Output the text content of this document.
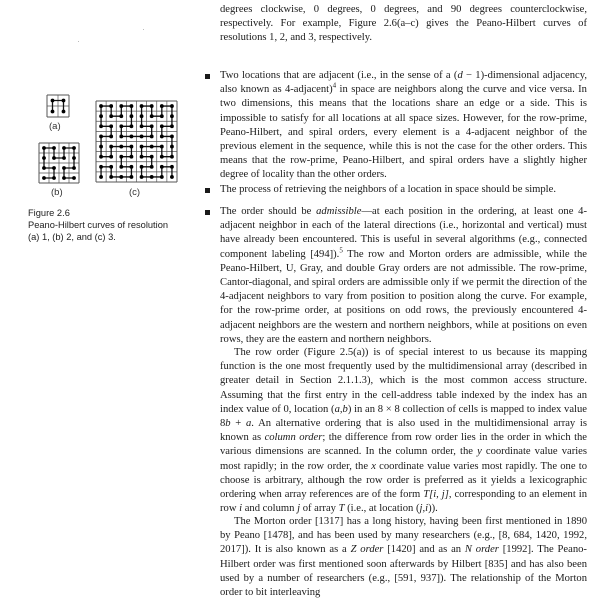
degrees clockwise, 0 degrees, 0 degrees, and 90 degrees counterclockwise, respectively. For example, Figure 2.6(a–c) gives the Peano-Hilbert curves of resolutions 1, 2, and 3, respectively.

Two locations that are adjacent (i.e., in the sense of a (d − 1)-dimensional adjacency, also known as 4-adjacent)$^4$ in space are neighbors along the curve and vice versa. In two dimensions, this means that the locations share an edge or a side. This is impossible to satisfy for all locations at all space sizes. However, for the row-prime, Peano-Hilbert, and spiral orders, every element is a 4-adjacent neighbor of the previous element in the sequence, while this is not the case for the other orders. This means that the row-prime, Peano-Hilbert, and spiral orders have a slightly higher degree of locality than the other orders.
The process of retrieving the neighbors of a location in space should be simple.
The order should be admissible—at each position in the ordering, at least one 4-adjacent neighbor in each of the lateral directions (i.e., horizontal and vertical) must have already been encountered. This is useful in several algorithms (e.g., connected component labeling [494]).$^5$ The row and Morton orders are admissible, while the Peano-Hilbert, U, Gray, and double Gray orders are not admissible. The row-prime, Cantor-diagonal, and spiral orders are admissible only if we permit the direction of the 4-adjacent neighbors to vary from position to position along the curve. For example, for the row-prime order, at positions on odd rows, the previously encountered 4-adjacent neighbors are the western and northern neighbors, while at positions on even rows, they are the eastern and northern neighbors.
The row order (Figure 2.5(a)) is of special interest to us because its mapping function is the one most frequently used by the multidimensional array (described in greater detail in Section 2.1.1.3), which is the most common access structure. Assuming that the first entry in the cell-address table indexed by the index has an index value of 0, location (a,b) in an 8 × 8 collection of cells is mapped to index value 8b + a. An alternative ordering that is also used in the multidimensional array is known as column order; the difference from row order lies in the order in which the various dimensions are scanned. In the column order, the y coordinate value varies most rapidly; in the row order, the x coordinate value varies most rapidly. The one to choose is arbitrary, although the row order is preferred as it yields a lexicographic ordering when array references are of the form T[i, j], corresponding to an element in row i and column j of array T (i.e., at location (j,i)).
The Morton order [1317] has a long history, having been first mentioned in 1890 by Peano [1478], and has been used by many researchers (e.g., [8, 684, 1420, 1992, 2017]). It is also known as a Z order [1420] and as an N order [1992]. The Peano-Hilbert order was first mentioned soon afterwards by Hilbert [835] and has also been used by a number of researchers (e.g., [591, 937]). The relationship of the Morton order to bit interleaving
(a)
(b)	(c)
Figure 2.6
Peano-Hilbert curves of resolution
(a) 1, (b) 2, and (c) 3.
